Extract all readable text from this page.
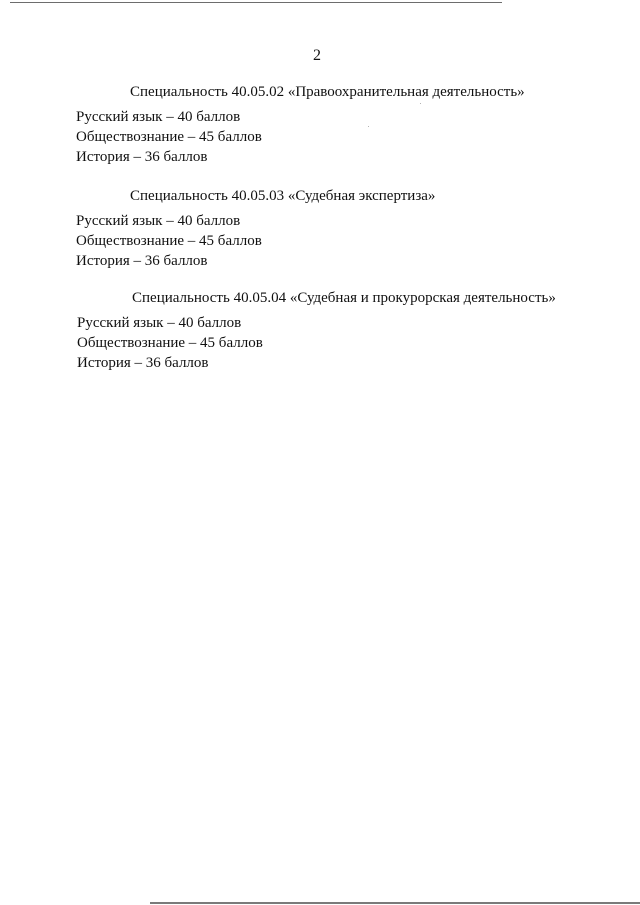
2
Специальность 40.05.02 «Правоохранительная деятельность»
Русский язык – 40 баллов
Обществознание – 45 баллов
История – 36 баллов
Специальность 40.05.03 «Судебная экспертиза»
Русский язык – 40 баллов
Обществознание – 45 баллов
История – 36 баллов
Специальность 40.05.04 «Судебная и прокурорская деятельность»
Русский язык – 40 баллов
Обществознание – 45 баллов
История – 36 баллов
